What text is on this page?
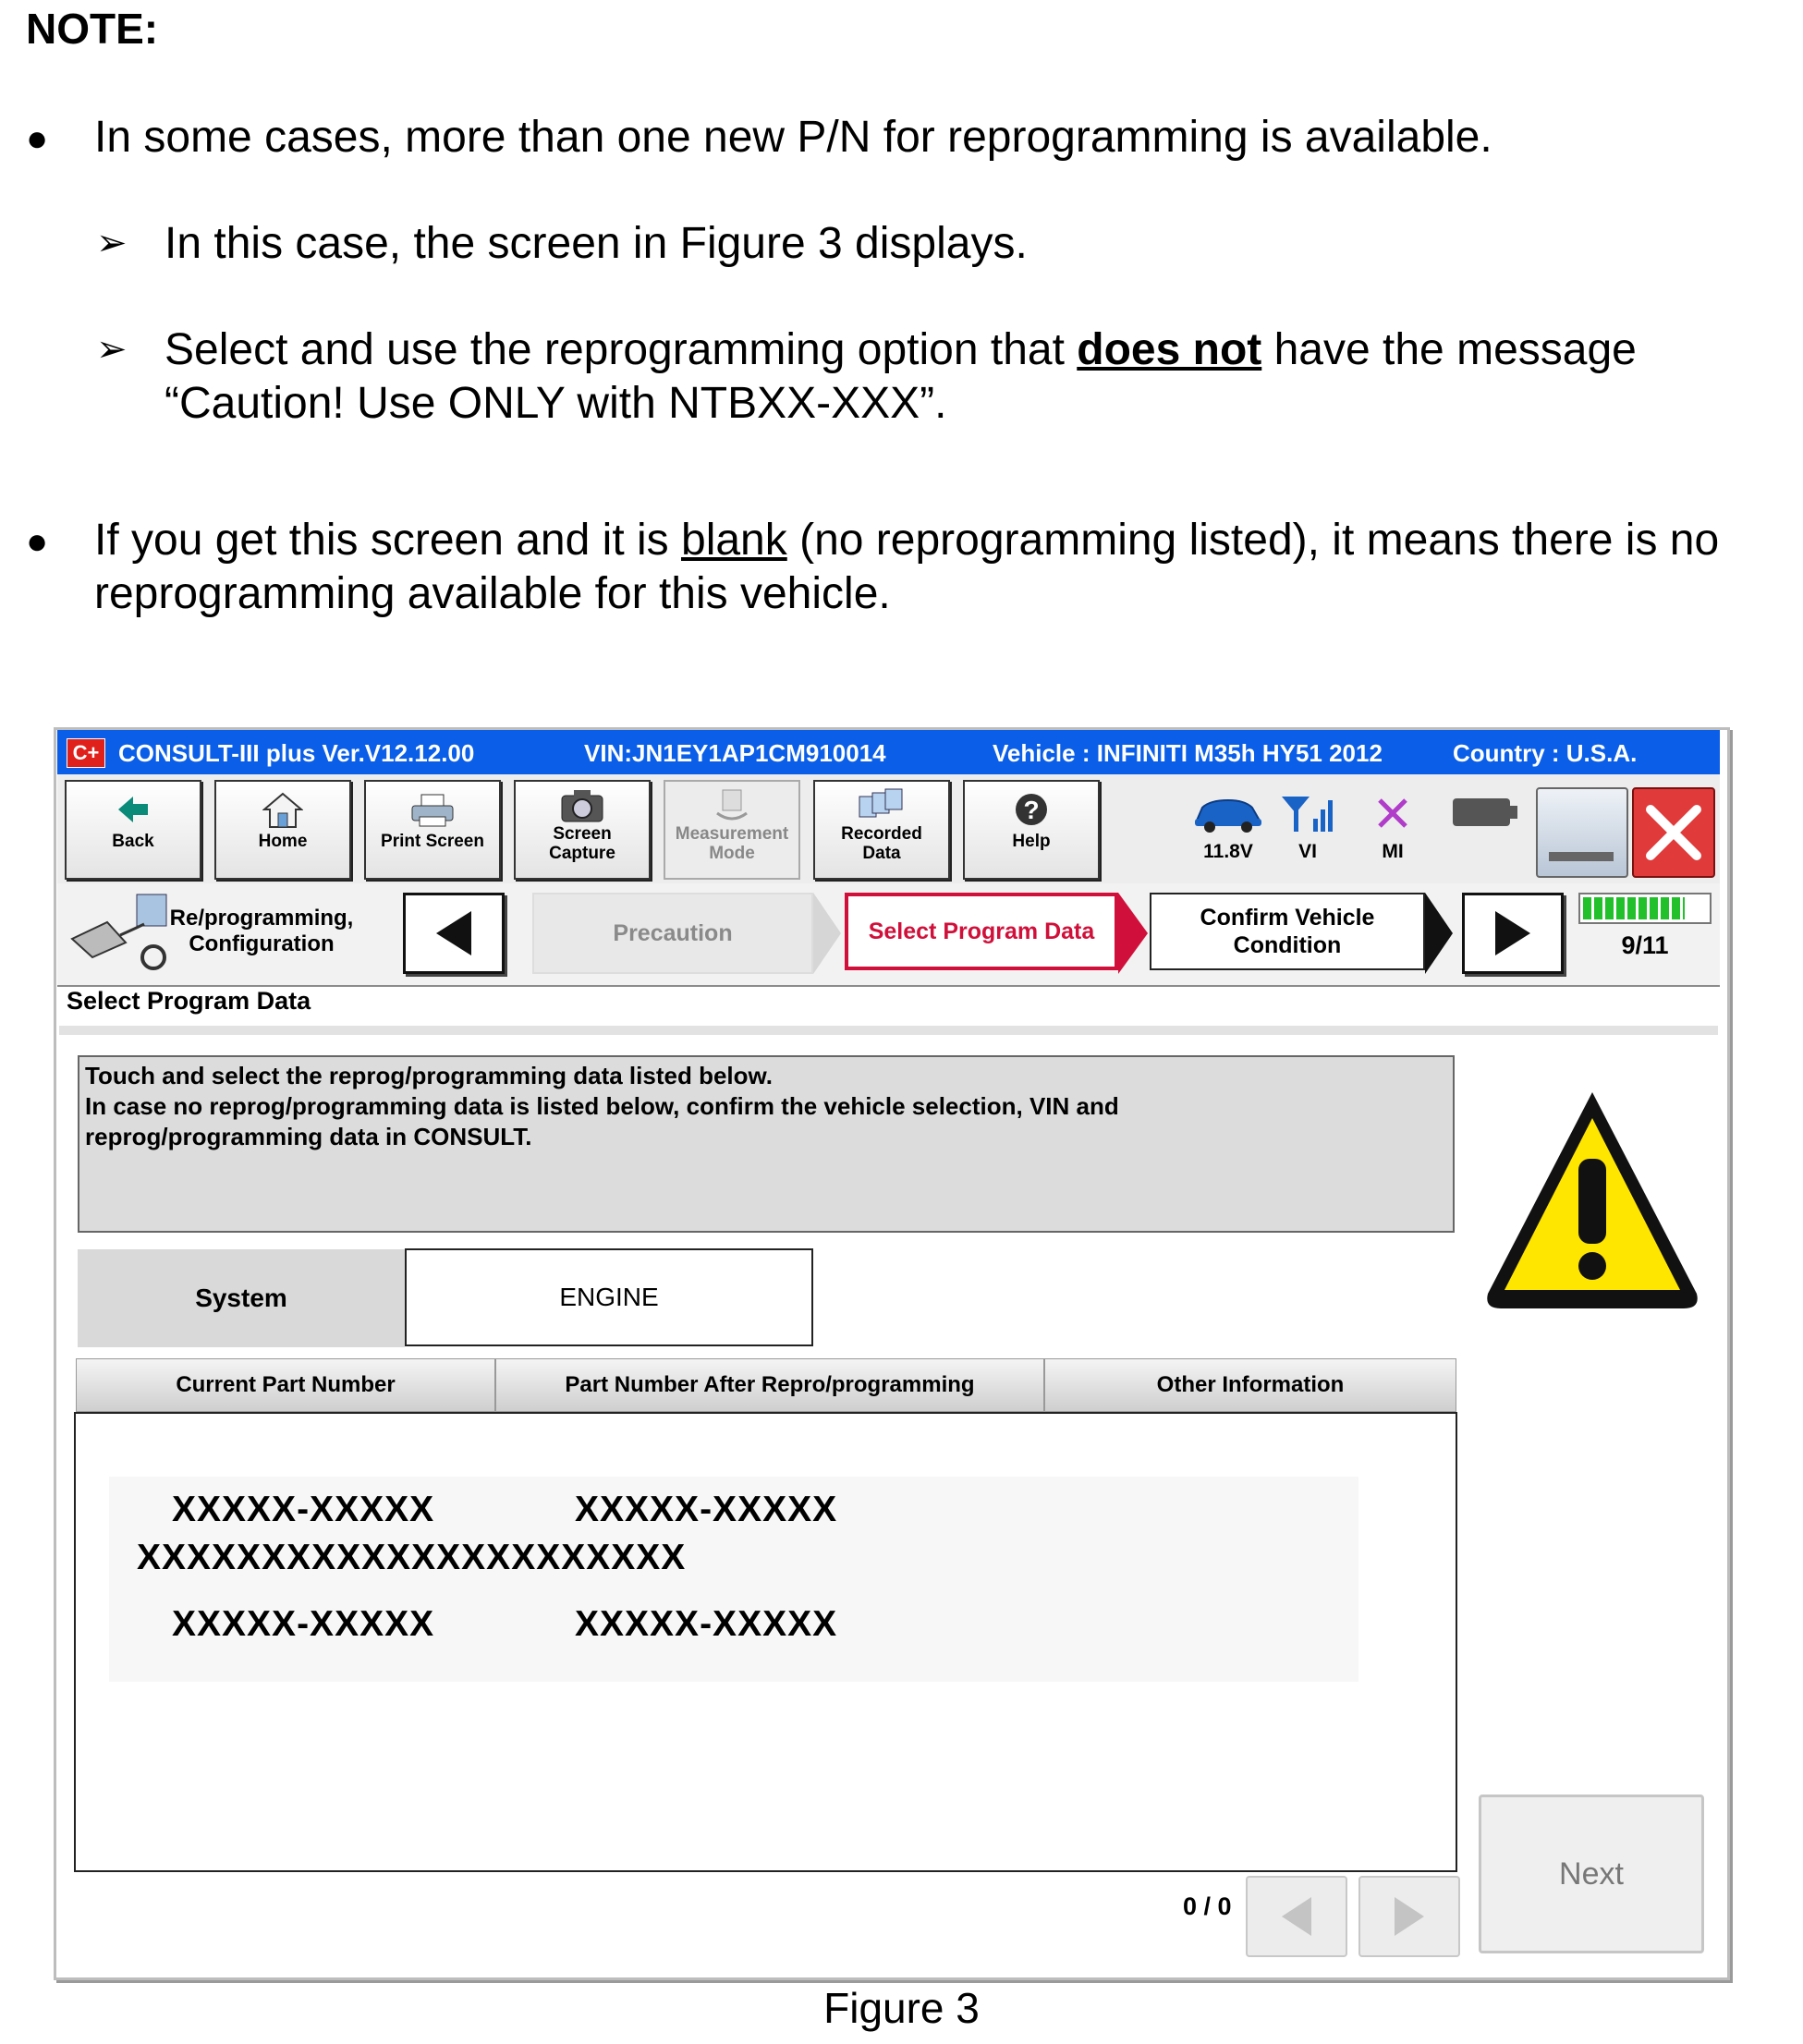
NOTE:
● In some cases, more than one new P/N for reprogramming is available.
➢ In this case, the screen in Figure 3 displays.
➢ Select and use the reprogramming option that does not have the message
“Caution! Use ONLY with NTBXX-XXX”.
● If you get this screen and it is blank (no reprogramming listed), it means there is no
reprogramming available for this vehicle.
C+ CONSULT-III plus Ver.V12.12.00	VIN:JN1EY1AP1CM910014	Vehicle : INFINITI M35h HY51 2012	Country : U.S.A.
Back	Home	Print Screen	Screen
Capture
Measurement
Mode
Recorded
Data
?
Help	11.8V	VI	MI
Re/programming,
Configuration	Precaution	Select Program Data
Confirm Vehicle
Condition	9/11
Select Program Data
Touch and select the reprog/programming data listed below.
In case no reprog/programming data is listed below, confirm the vehicle selection, VIN and
reprog/programming data in CONSULT.
System	ENGINE
Current Part Number	Part Number After Repro/programming	Other Information
XXXXX-XXXXX	XXXXX-XXXXX
XXXXXXXXXXXXXXXXXXXXXX
XXXXX-XXXXX	XXXXX-XXXXX
0 / 0
Next
Figure 3
